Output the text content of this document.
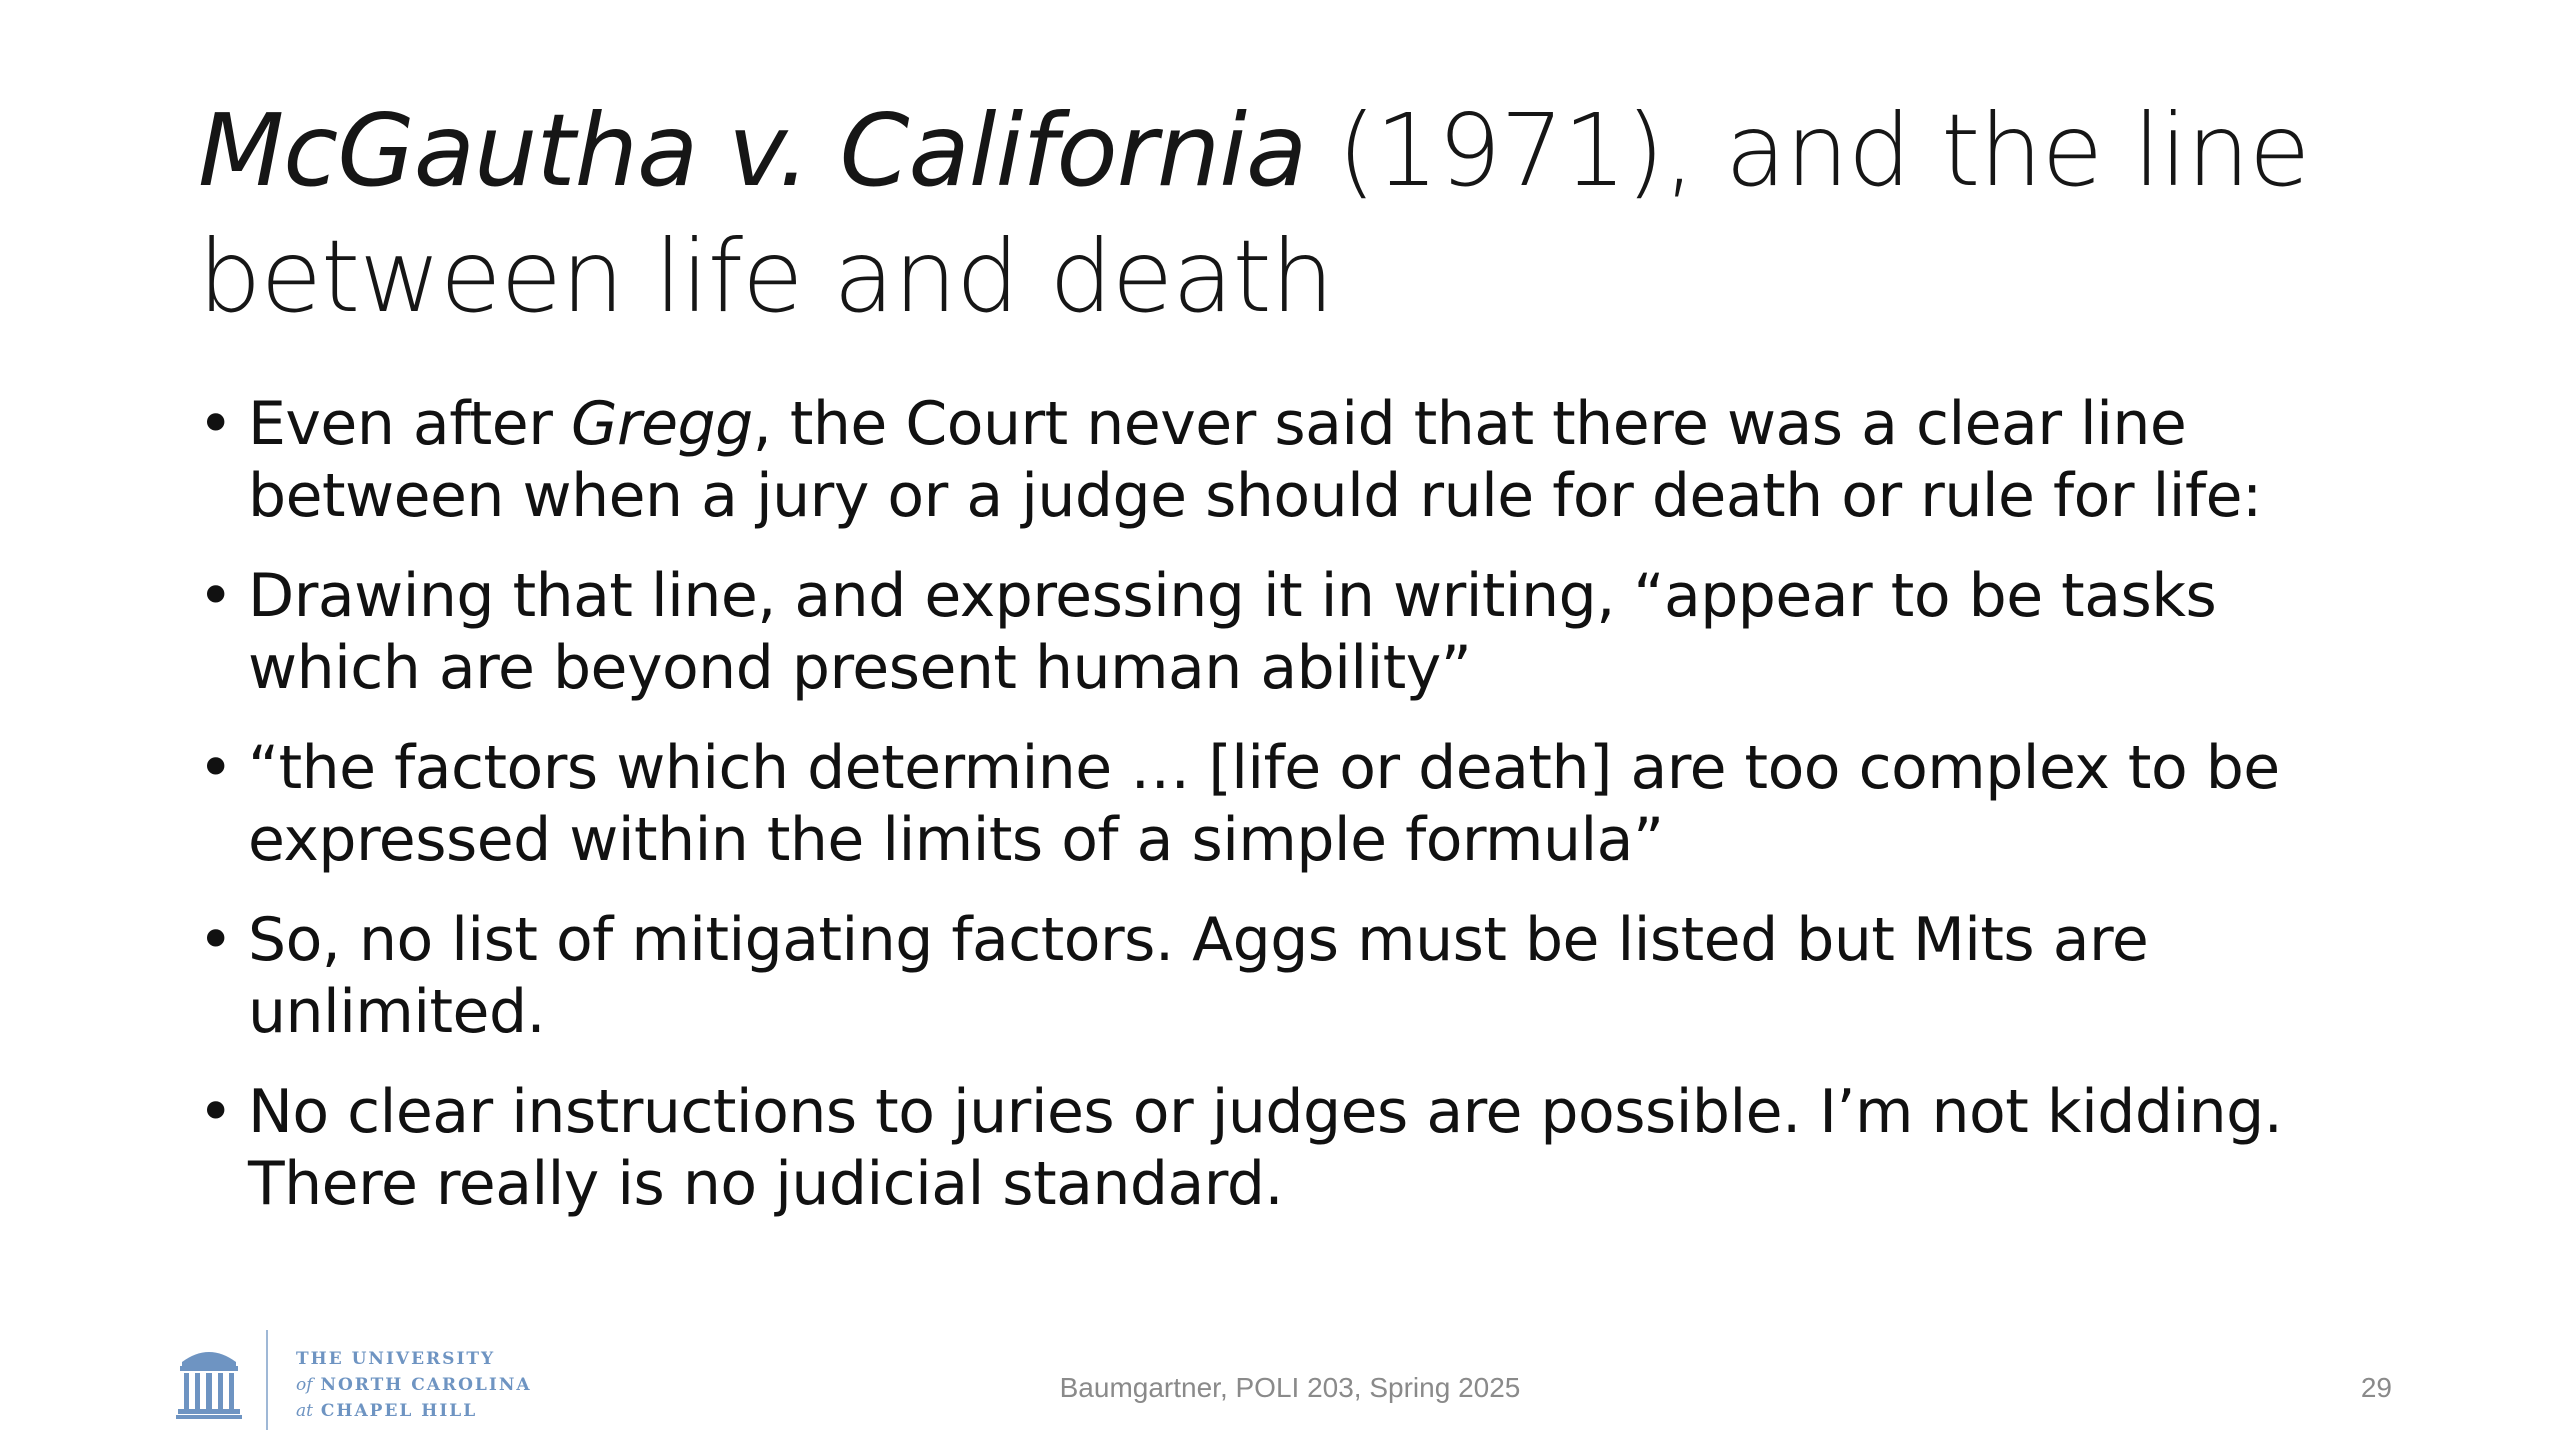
McGautha v. California (1971), and the line
between life and death
• Even after Gregg, the Court never said that there was a clear line between when a jury or a judge should rule for death or rule for life:
• Drawing that line, and expressing it in writing, “appear to be tasks which are beyond present human ability”
• “the factors which determine … [life or death] are too complex to be expressed within the limits of a simple formula”
• So, no list of mitigating factors. Aggs must be listed but Mits are unlimited.
• No clear instructions to juries or judges are possible. I’m not kidding. There really is no judicial standard.
THE UNIVERSITY
of NORTH CAROLINA
at CHAPEL HILL
Baumgartner, POLI 203, Spring 2025	29
